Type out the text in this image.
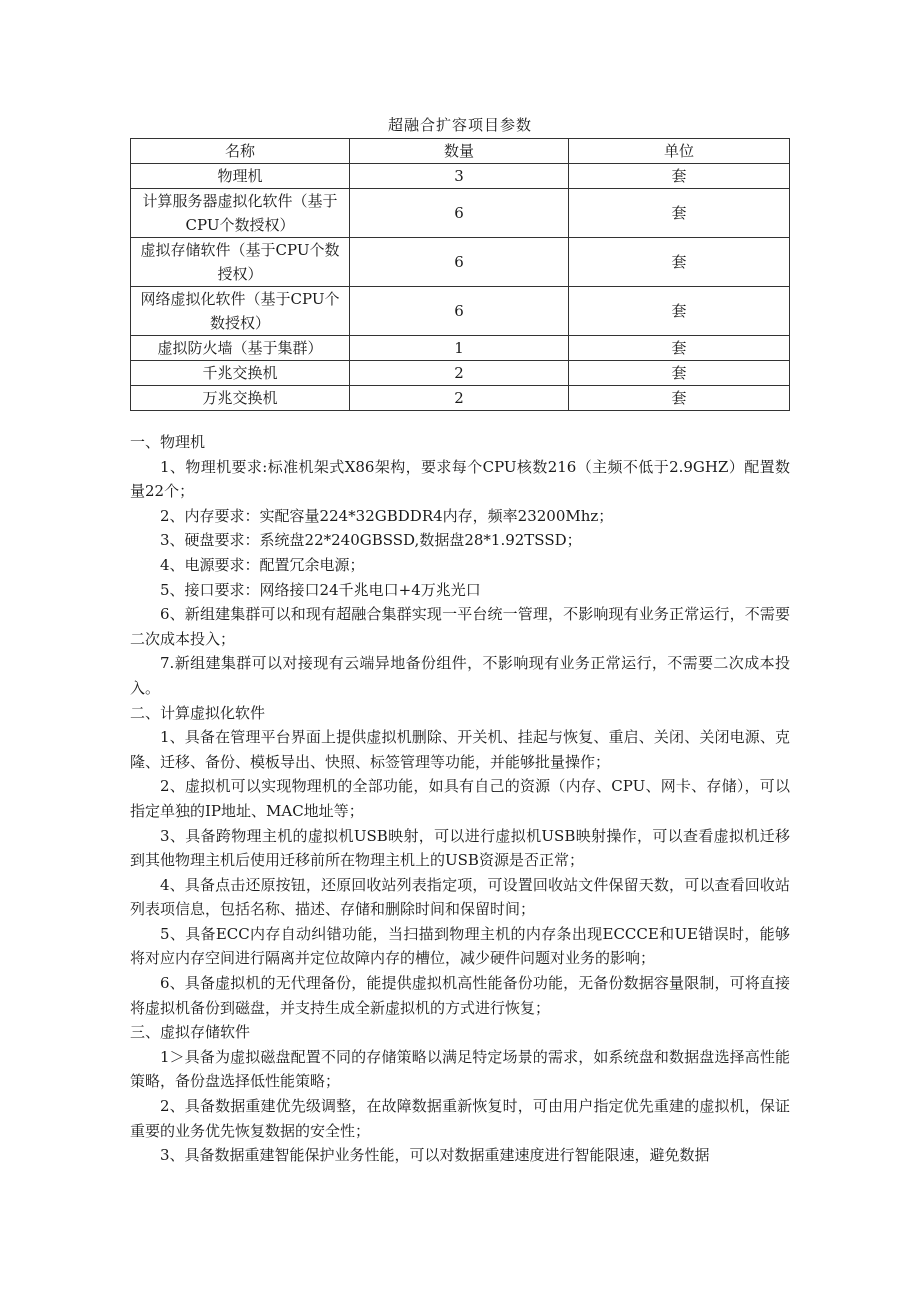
超融合扩容项目参数
名称	数量	单位
物理机	3	套
计算服务器虚拟化软件（基于CPU个数授权）	6	套
虚拟存储软件（基于CPU个数授权）	6	套
网络虚拟化软件（基于CPU个数授权）	6	套
虚拟防火墙（基于集群）	1	套
千兆交换机	2	套
万兆交换机	2	套

一、物理机

1、物理机要求:标准机架式X86架构，要求每个CPU核数216（主频不低于2.9GHZ）配置数量22个；

2、内存要求：实配容量224*32GBDDR4内存，频率23200Mhz；

3、硬盘要求：系统盘22*240GBSSD,数据盘28*1.92TSSD；

4、电源要求：配置冗余电源；

5、接口要求：网络接口24千兆电口+4万兆光口

6、新组建集群可以和现有超融合集群实现一平台统一管理，不影响现有业务正常运行，不需要二次成本投入；

7.新组建集群可以对接现有云端异地备份组件，不影响现有业务正常运行，不需要二次成本投入。

二、计算虚拟化软件

1、具备在管理平台界面上提供虚拟机删除、开关机、挂起与恢复、重启、关闭、关闭电源、克隆、迁移、备份、模板导出、快照、标签管理等功能，并能够批量操作；

2、虚拟机可以实现物理机的全部功能，如具有自己的资源（内存、CPU、网卡、存储），可以指定单独的IP地址、MAC地址等；

3、具备跨物理主机的虚拟机USB映射，可以进行虚拟机USB映射操作，可以查看虚拟机迁移到其他物理主机后使用迁移前所在物理主机上的USB资源是否正常；

4、具备点击还原按钮，还原回收站列表指定项，可设置回收站文件保留天数，可以查看回收站列表项信息，包括名称、描述、存储和删除时间和保留时间；

5、具备ECC内存自动纠错功能，当扫描到物理主机的内存条出现ECCCE和UE错误时，能够将对应内存空间进行隔离并定位故障内存的槽位，减少硬件问题对业务的影响；

6、具备虚拟机的无代理备份，能提供虚拟机高性能备份功能，无备份数据容量限制，可将直接将虚拟机备份到磁盘，并支持生成全新虚拟机的方式进行恢复；

三、虚拟存储软件

1＞具备为虚拟磁盘配置不同的存储策略以满足特定场景的需求，如系统盘和数据盘选择高性能策略，备份盘选择低性能策略；

2、具备数据重建优先级调整，在故障数据重新恢复时，可由用户指定优先重建的虚拟机，保证重要的业务优先恢复数据的安全性；

3、具备数据重建智能保护业务性能，可以对数据重建速度进行智能限速，避免数据
